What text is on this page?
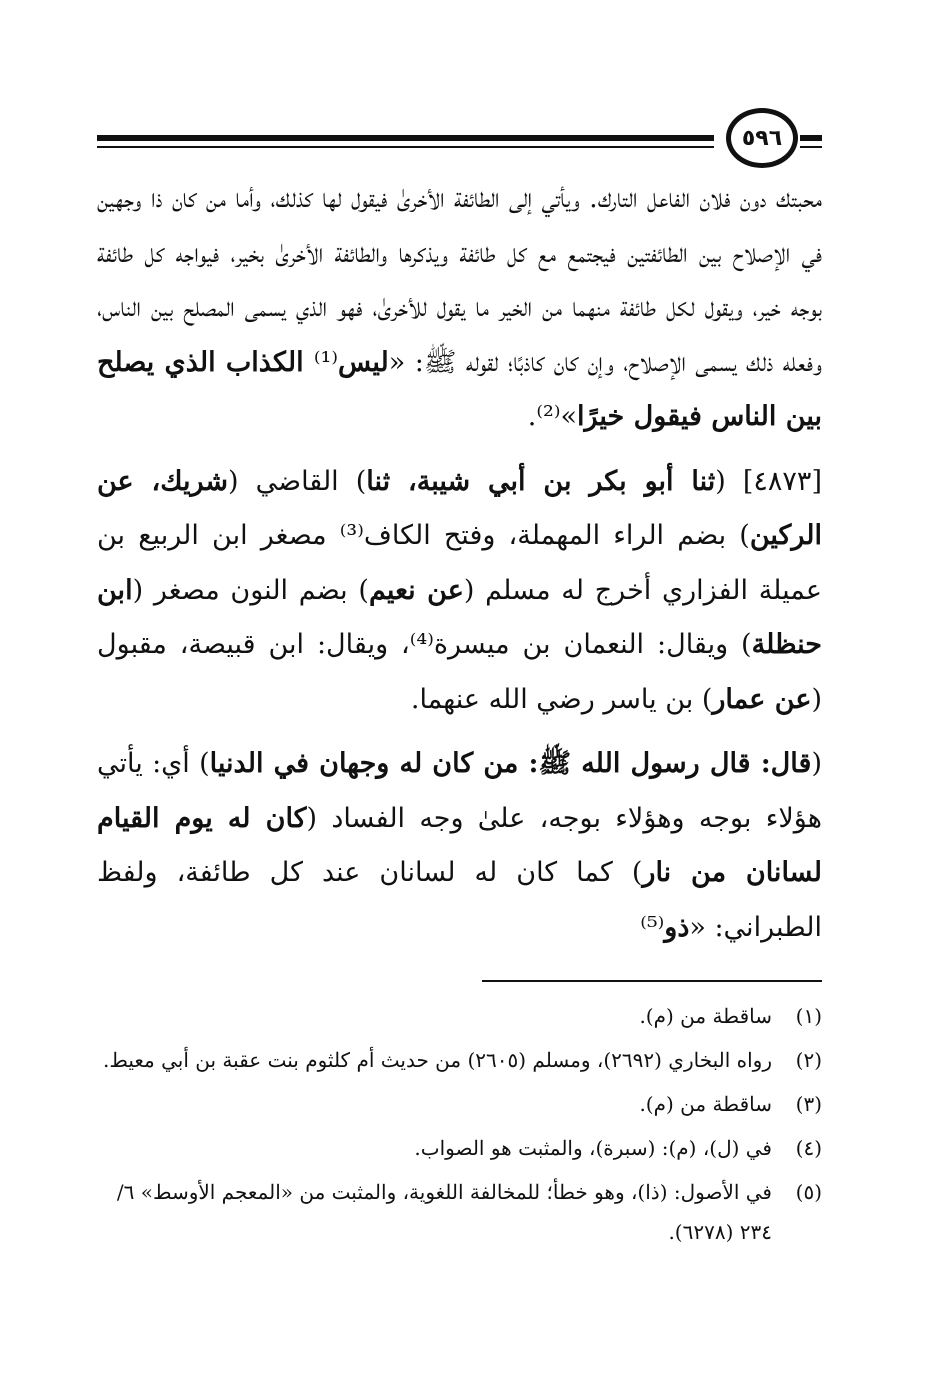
٥٩٦

محبتك دون فلان الفاعل التارك. ويأتي إلى الطائفة الأخرىٰ فيقول لها كذلك، وأما من كان ذا وجهين في الإصلاح بين الطائفتين فيجتمع مع كل طائفة ويذكرها والطائفة الأخرىٰ بخير، فيواجه كل طائفة بوجه خير، ويقول لكل طائفة منهما من الخير ما يقول للأخرىٰ، فهو الذي يسمى المصلح بين الناس، وفعله ذلك يسمى الإصلاح، وإن كان كاذبًا؛ لقوله ﷺ: «ليس⁽¹⁾ الكذاب الذي يصلح بين الناس فيقول خيرًا»⁽²⁾.

[٤٨٧٣] (ثنا أبو بكر بن أبي شيبة، ثنا) القاضي (شريك، عن الركين) بضم الراء المهملة، وفتح الكاف⁽³⁾ مصغر ابن الربيع بن عميلة الفزاري أخرج له مسلم (عن نعيم) بضم النون مصغر (ابن حنظلة) ويقال: النعمان بن ميسرة⁽⁴⁾، ويقال: ابن قبيصة، مقبول (عن عمار) بن ياسر رضي الله عنهما.

(قال: قال رسول الله ﷺ: من كان له وجهان في الدنيا) أي: يأتي هؤلاء بوجه وهؤلاء بوجه، علىٰ وجه الفساد (كان له يوم القيام لسانان من نار) كما كان له لسانان عند كل طائفة، ولفظ الطبراني: «ذو⁽⁵⁾

(١)
ساقطة من (م).
(٢)
رواه البخاري (٢٦٩٢)، ومسلم (٢٦٠٥) من حديث أم كلثوم بنت عقبة بن أبي معيط.
(٣)
ساقطة من (م).
(٤)
في (ل)، (م): (سبرة)، والمثبت هو الصواب.
(٥)
في الأصول: (ذا)، وهو خطأ؛ للمخالفة اللغوية، والمثبت من «المعجم الأوسط» ٦/ ٢٣٤ (٦٢٧٨).
